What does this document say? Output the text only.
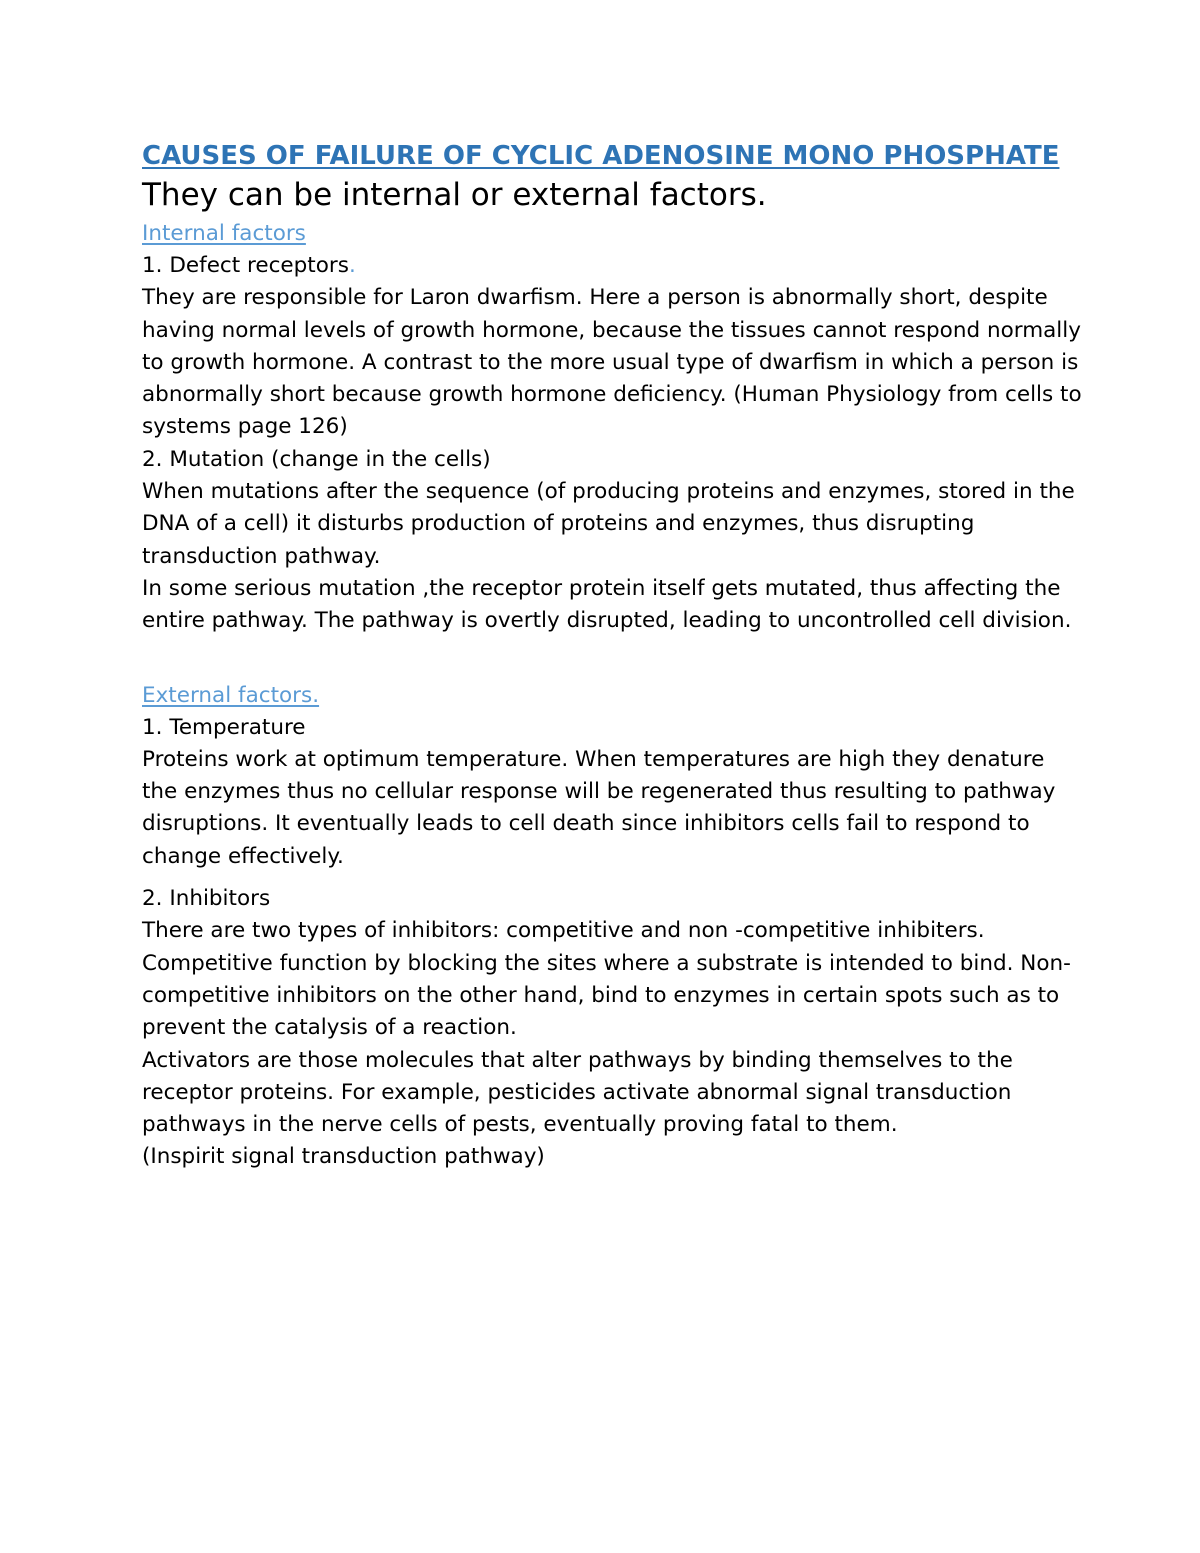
CAUSES OF FAILURE OF CYCLIC ADENOSINE MONO PHOSPHATE

They can be internal or external factors.

Internal factors

1. Defect receptors.

They are responsible for Laron dwarfism. Here a person is abnormally short, despite having normal levels of growth hormone, because the tissues cannot respond normally to growth hormone. A contrast to the more usual type of dwarfism in which a person is abnormally short because growth hormone deficiency. (Human Physiology from cells to systems page 126)

2. Mutation (change in the cells)

When mutations after the sequence (of producing proteins and enzymes, stored in the DNA of a cell) it disturbs production of proteins and enzymes, thus disrupting transduction pathway.

In some serious mutation ,the receptor protein itself gets mutated, thus affecting the entire pathway. The pathway is overtly disrupted, leading to uncontrolled cell division.

External factors.

1. Temperature

Proteins work at optimum temperature. When temperatures are high they denature the enzymes thus no cellular response will be regenerated thus resulting to pathway disruptions. It eventually leads to cell death since inhibitors cells fail to respond to change effectively.

2. Inhibitors

There are two types of inhibitors: competitive and non -competitive inhibiters.

Competitive function by blocking the sites where a substrate is intended to bind. Non-competitive inhibitors on the other hand, bind to enzymes in certain spots such as to prevent the catalysis of a reaction.

Activators are those molecules that alter pathways by binding themselves to the receptor proteins. For example, pesticides activate abnormal signal transduction pathways in the nerve cells of pests, eventually proving fatal to them.

(Inspirit signal transduction pathway)
